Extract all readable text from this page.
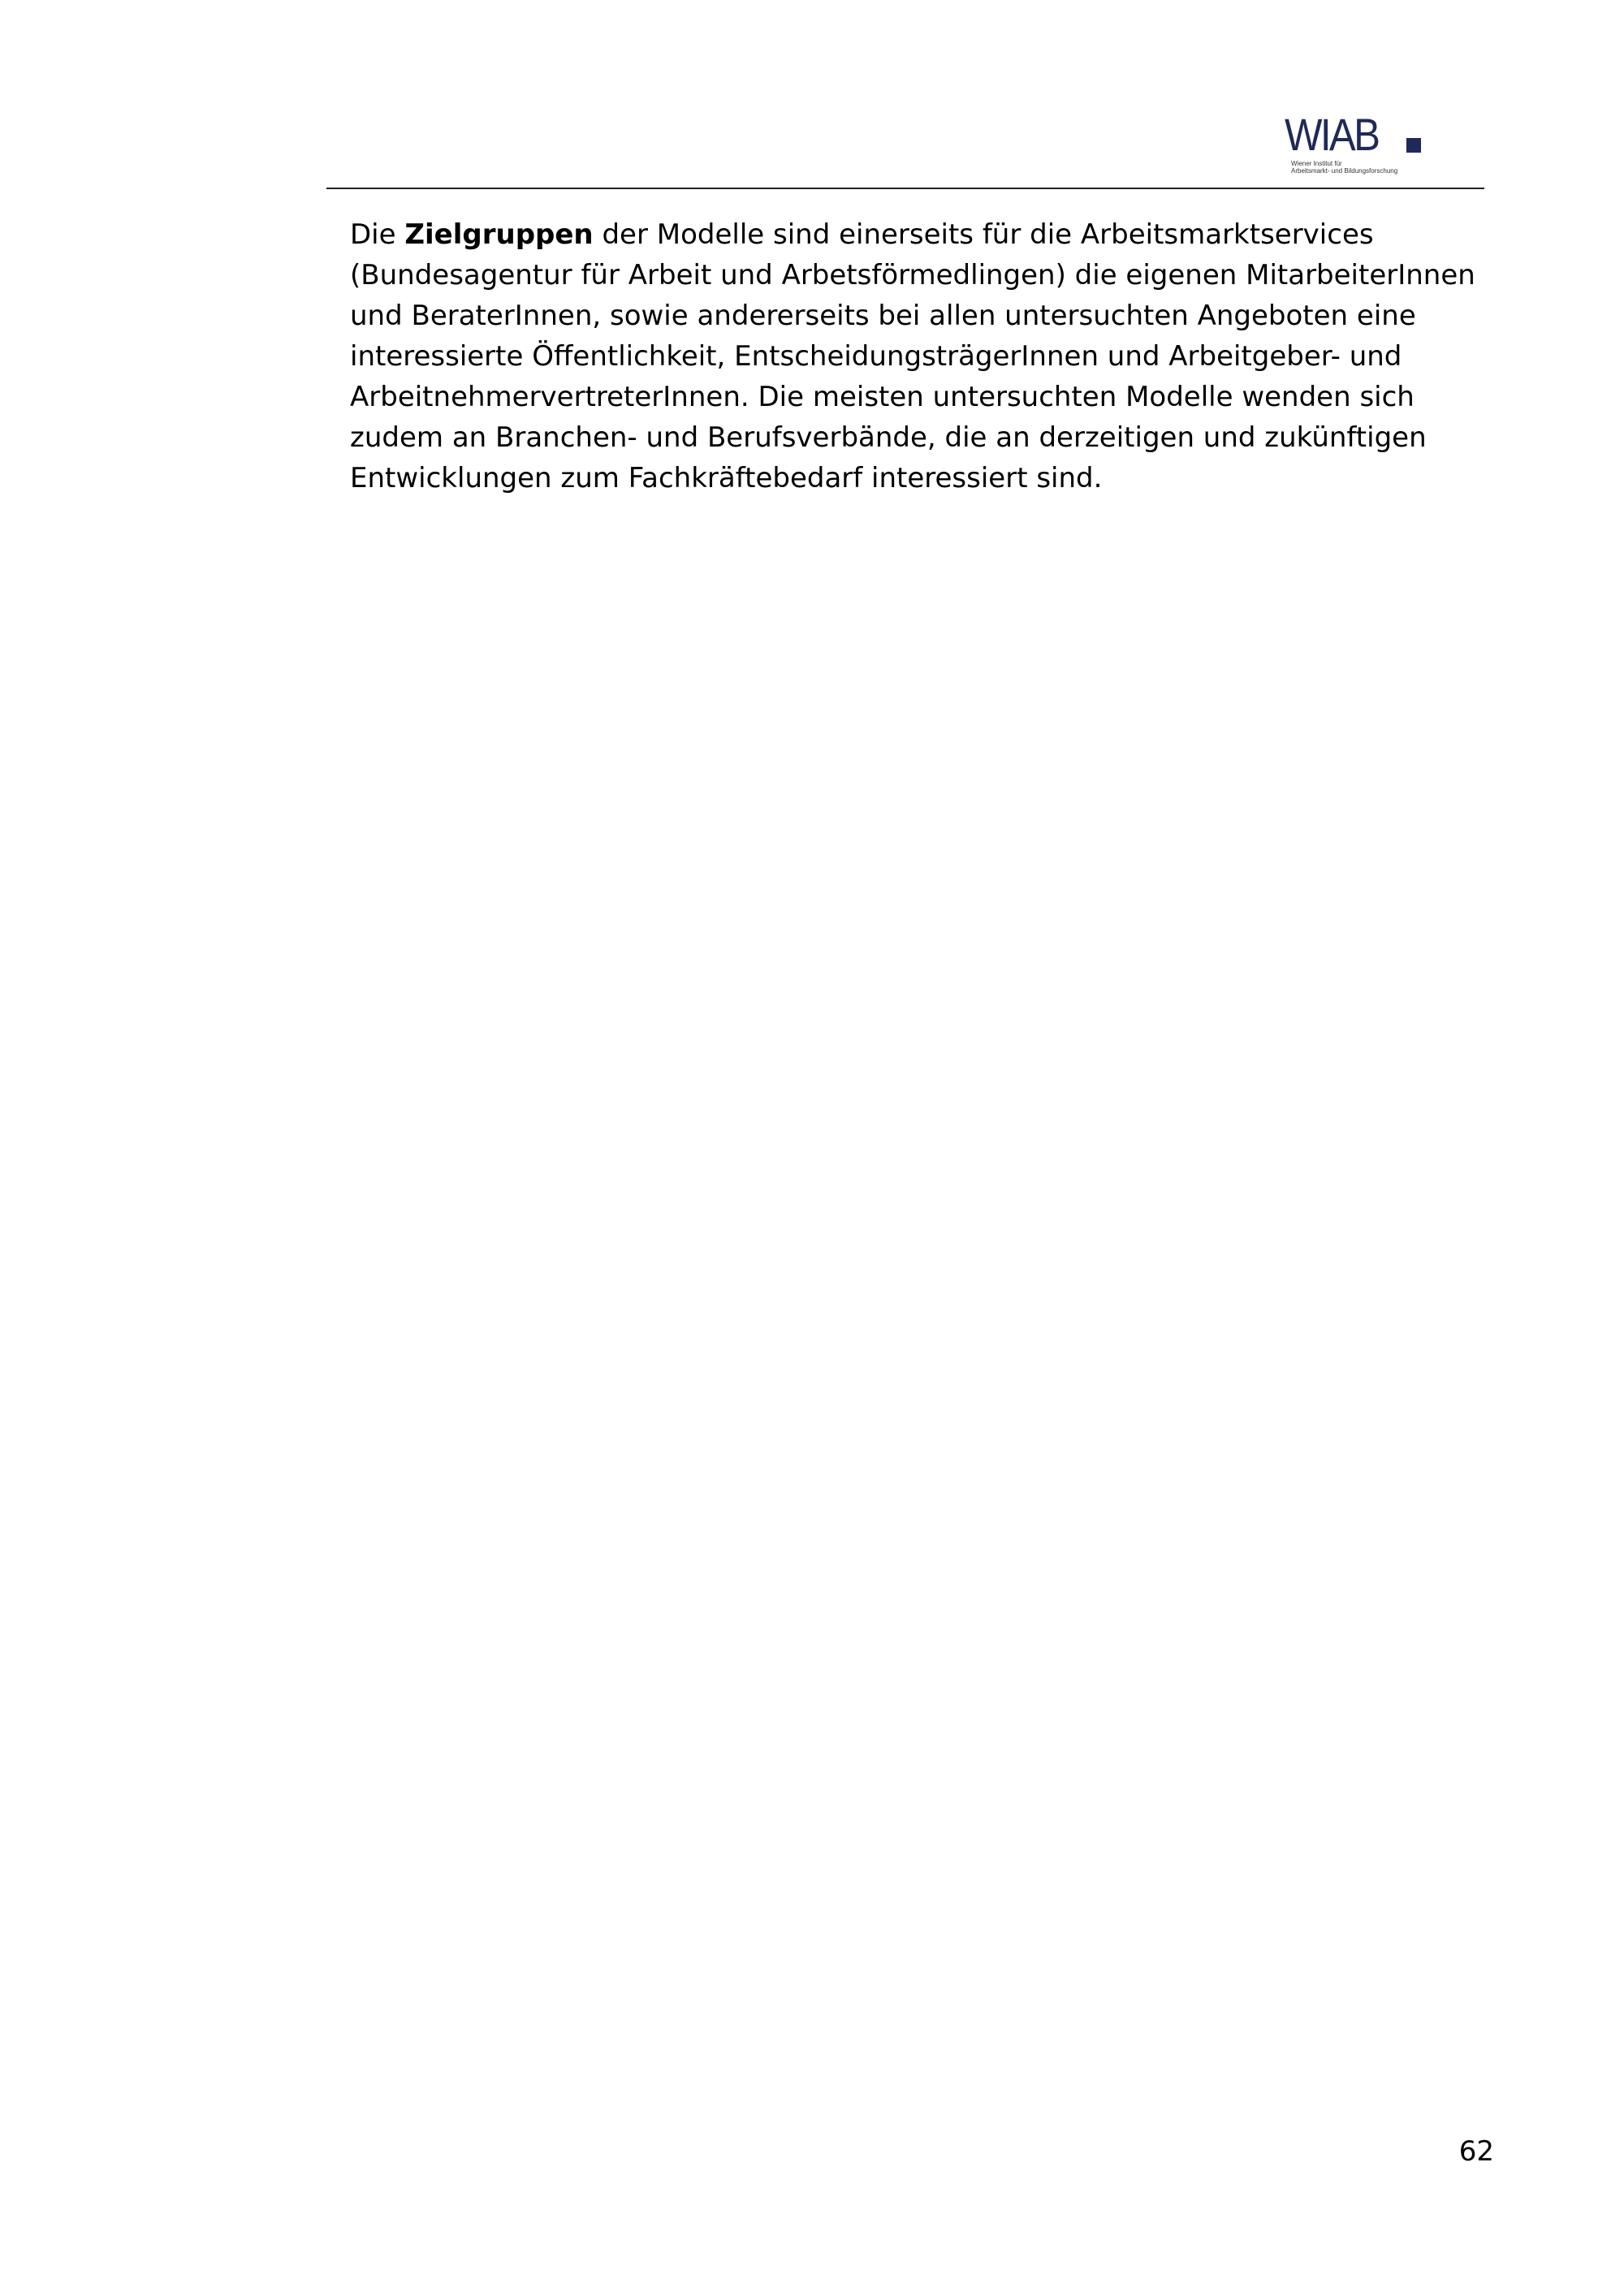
WIAB
Wiener Institut für
Arbeitsmarkt- und Bildungsforschung

Die Zielgruppen der Modelle sind einerseits für die Arbeitsmarktservices
(Bundesagentur für Arbeit und Arbetsförmedlingen) die eigenen MitarbeiterInnen
und BeraterInnen, sowie andererseits bei allen untersuchten Angeboten eine
interessierte Öffentlichkeit, EntscheidungsträgerInnen und Arbeitgeber- und
ArbeitnehmervertreterInnen. Die meisten untersuchten Modelle wenden sich
zudem an Branchen- und Berufsverbände, die an derzeitigen und zukünftigen
Entwicklungen zum Fachkräftebedarf interessiert sind.

62
